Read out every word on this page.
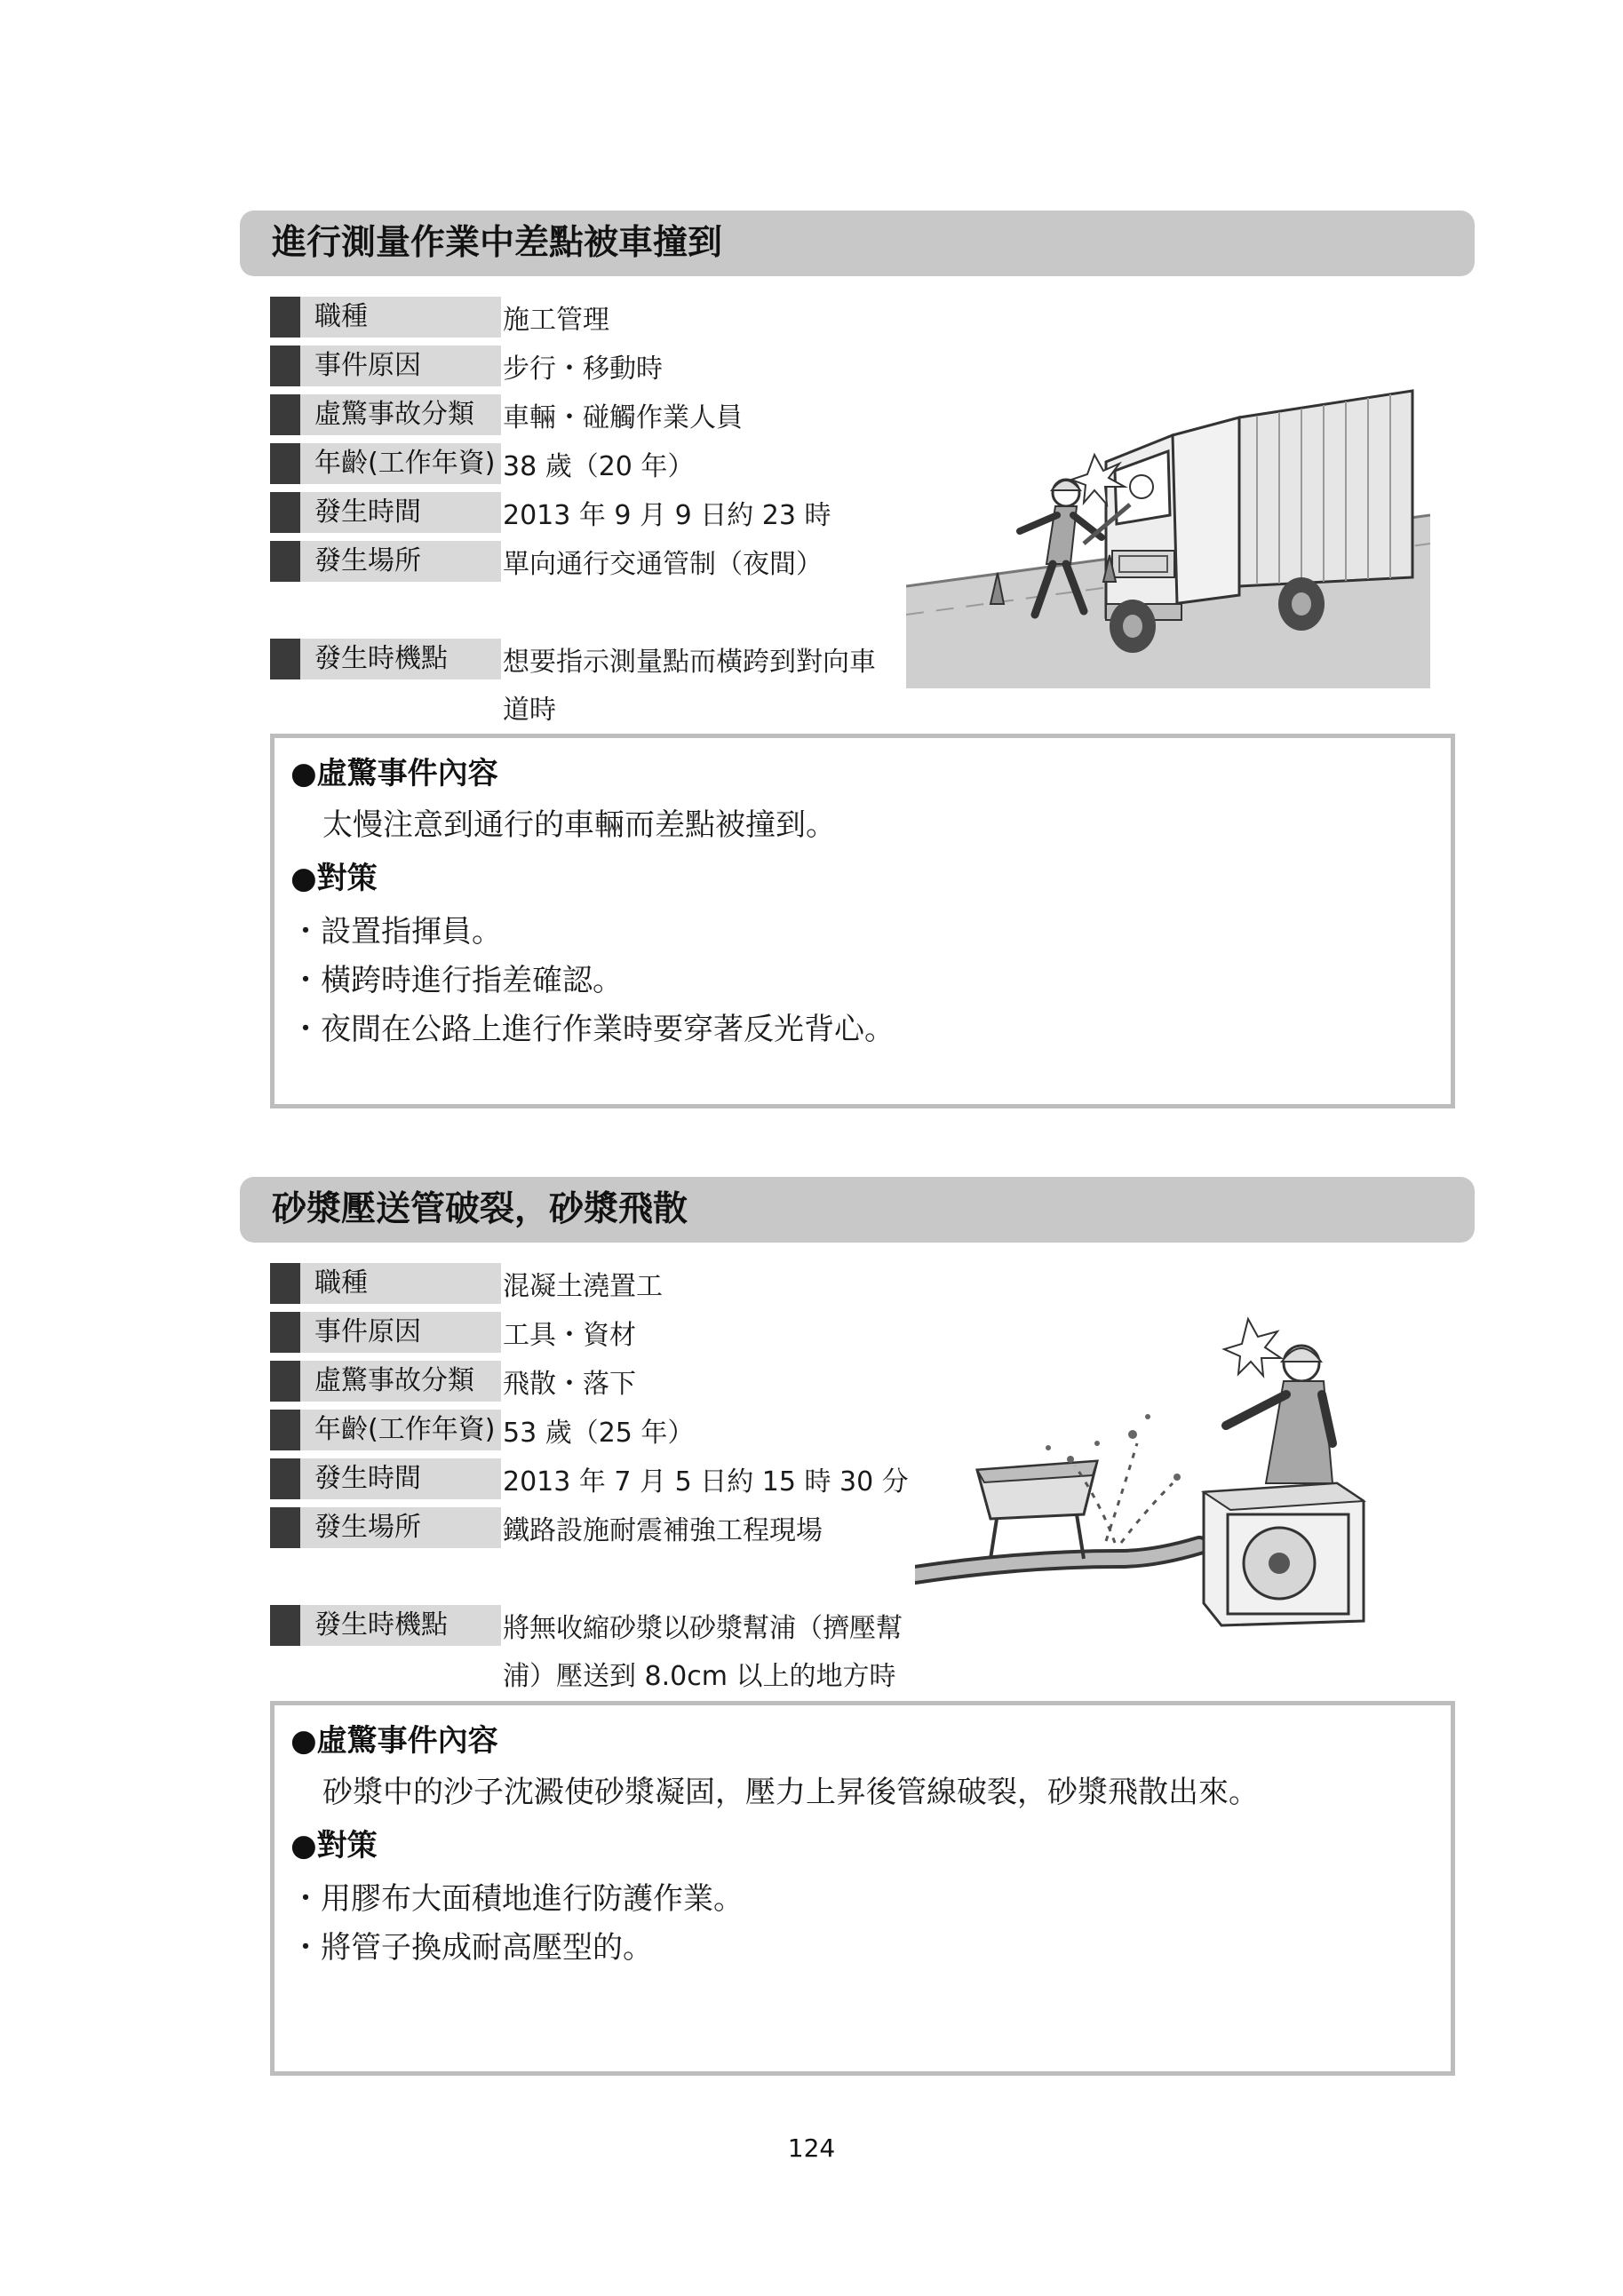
進行測量作業中差點被車撞到
職種	施工管理
事件原因	步行・移動時
虛驚事故分類	車輛・碰觸作業人員
年齡(工作年資) 38 歲（20 年）
發生時間	2013 年 9 月 9 日約 23 時
發生場所	單向通行交通管制（夜間）
發生時機點	想要指示測量點而橫跨到對向車道時
●虛驚事件內容
太慢注意到通行的車輛而差點被撞到。
●對策
・設置指揮員。
・橫跨時進行指差確認。
・夜間在公路上進行作業時要穿著反光背心。
砂漿壓送管破裂，砂漿飛散
職種	混凝土澆置工
事件原因	工具・資材
虛驚事故分類	飛散・落下
年齡(工作年資) 53 歲（25 年）
發生時間	2013 年 7 月 5 日約 15 時 30 分
發生場所	鐵路設施耐震補強工程現場
發生時機點	將無收縮砂漿以砂漿幫浦（擠壓幫浦）壓送到 8.0cm 以上的地方時
●虛驚事件內容
砂漿中的沙子沈澱使砂漿凝固，壓力上昇後管線破裂，砂漿飛散出來。
●對策
・用膠布大面積地進行防護作業。
・將管子換成耐高壓型的。
124
